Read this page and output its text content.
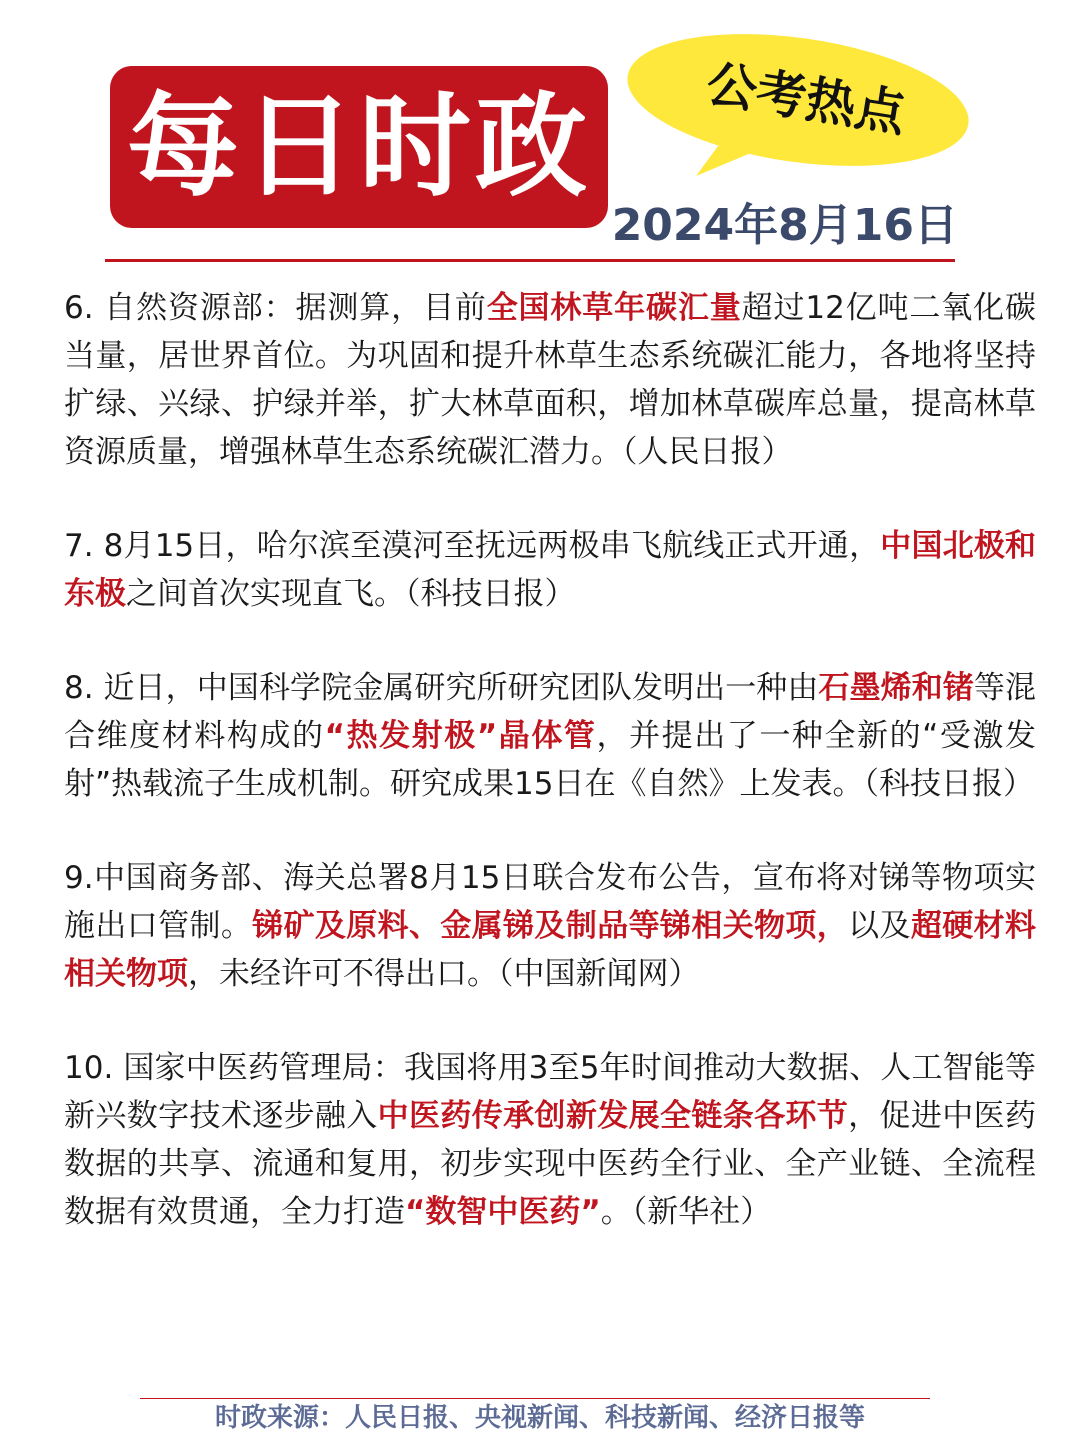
每日时政	公考热点
2024年8月16日

6. 自然资源部：据测算，目前全国林草年碳汇量超过12亿吨二氧化碳当量，居世界首位。为巩固和提升林草生态系统碳汇能力，各地将坚持扩绿、兴绿、护绿并举，扩大林草面积，增加林草碳库总量，提高林草资源质量，增强林草生态系统碳汇潜力。（人民日报）

7. 8月15日，哈尔滨至漠河至抚远两极串飞航线正式开通，中国北极和东极之间首次实现直飞。（科技日报）

8. 近日，中国科学院金属研究所研究团队发明出一种由石墨烯和锗等混合维度材料构成的“热发射极”晶体管，并提出了一种全新的“受激发射”热载流子生成机制。研究成果15日在《自然》上发表。（科技日报）

9.中国商务部、海关总署8月15日联合发布公告，宣布将对锑等物项实施出口管制。锑矿及原料、金属锑及制品等锑相关物项，以及超硬材料相关物项，未经许可不得出口。（中国新闻网）

10. 国家中医药管理局：我国将用3至5年时间推动大数据、人工智能等新兴数字技术逐步融入中医药传承创新发展全链条各环节，促进中医药数据的共享、流通和复用，初步实现中医药全行业、全产业链、全流程数据有效贯通，全力打造“数智中医药”。（新华社）

时政来源：人民日报、央视新闻、科技新闻、经济日报等
